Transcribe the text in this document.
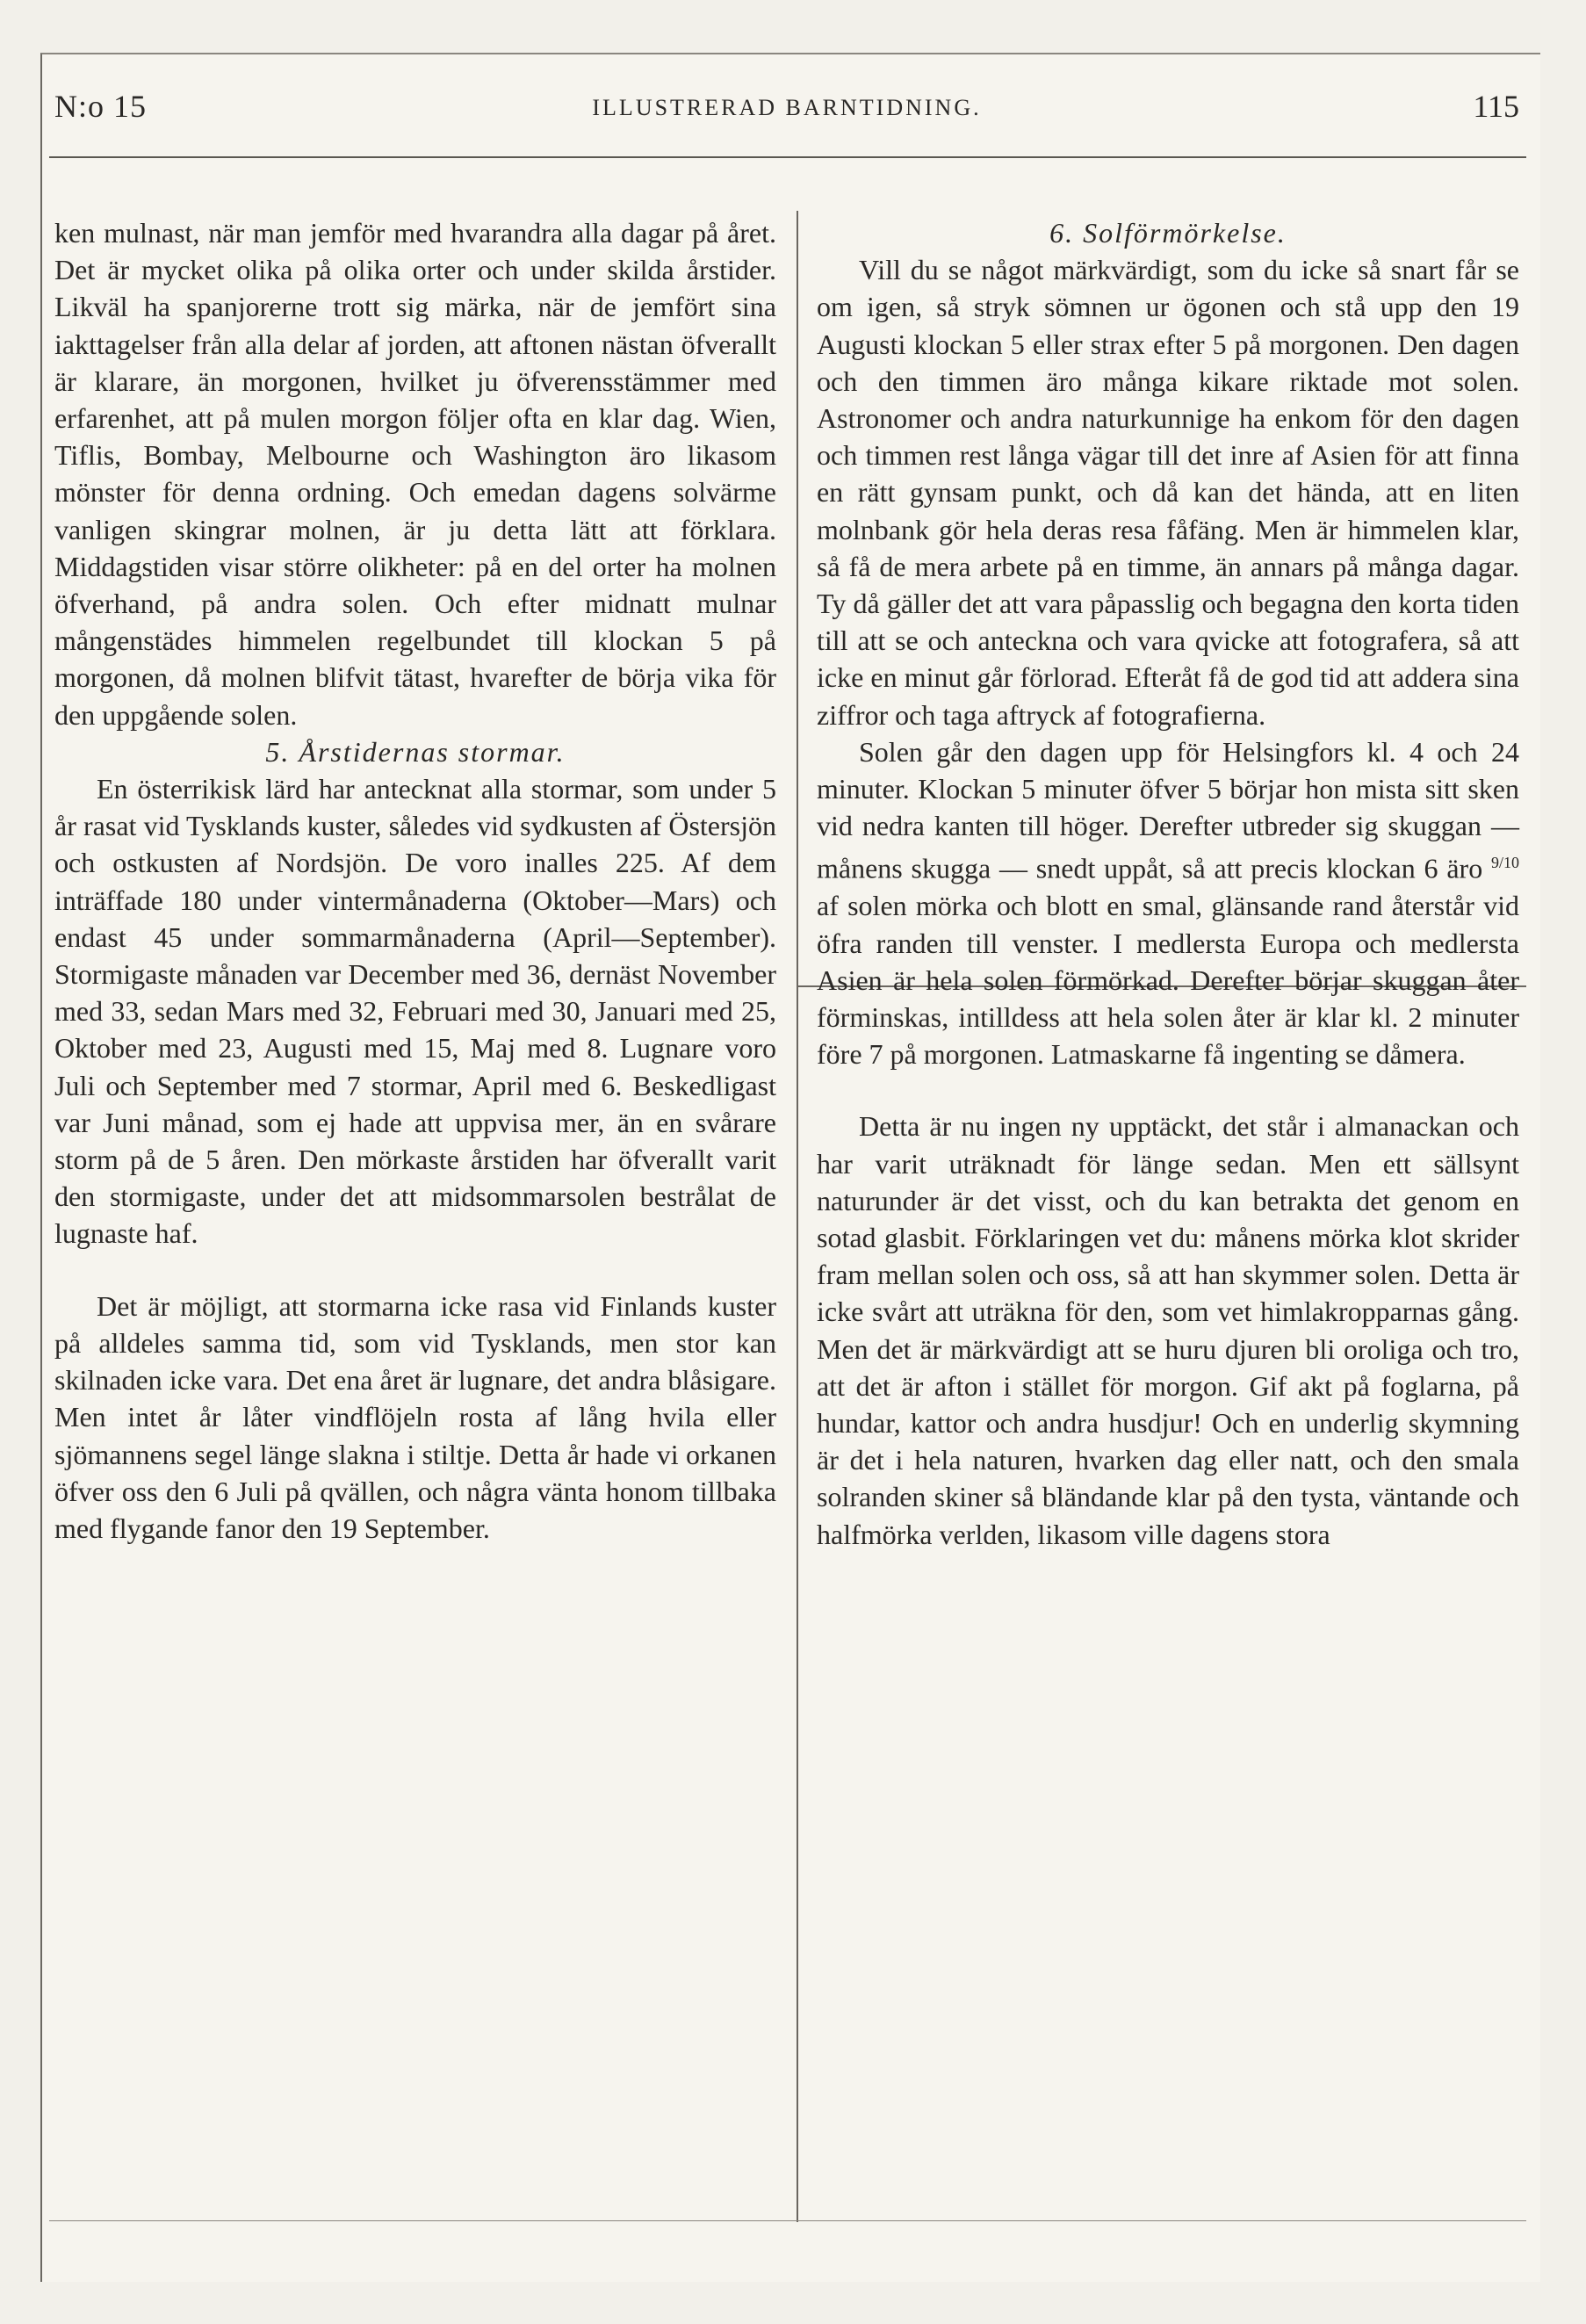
N:o 15	ILLUSTRERAD BARNTIDNING.	115

ken mulnast, när man jemför med hvarandra alla dagar på året. Det är mycket olika på olika orter och under skilda årstider. Likväl ha spanjorerne trott sig märka, när de jemfört sina iakttagelser från alla delar af jorden, att aftonen nästan öfverallt är klarare, än morgonen, hvilket ju öfverensstämmer med erfarenhet, att på mulen morgon följer ofta en klar dag. Wien, Tiflis, Bombay, Melbourne och Washington äro likasom mönster för denna ordning. Och emedan dagens solvärme vanligen skingrar molnen, är ju detta lätt att förklara. Middagstiden visar större olikheter: på en del orter ha molnen öfverhand, på andra solen. Och efter midnatt mulnar mångenstädes himmelen regelbundet till klockan 5 på morgonen, då molnen blifvit tätast, hvarefter de börja vika för den uppgående solen.

5. Årstidernas stormar.

En österrikisk lärd har antecknat alla stormar, som under 5 år rasat vid Tysklands kuster, således vid sydkusten af Östersjön och ostkusten af Nordsjön. De voro inalles 225. Af dem inträffade 180 under vintermånaderna (Oktober—Mars) och endast 45 under sommarmånaderna (April—September). Stormigaste månaden var December med 36, dernäst November med 33, sedan Mars med 32, Februari med 30, Januari med 25, Oktober med 23, Augusti med 15, Maj med 8. Lugnare voro Juli och September med 7 stormar, April med 6. Beskedligast var Juni månad, som ej hade att uppvisa mer, än en svårare storm på de 5 åren. Den mörkaste årstiden har öfverallt varit den stormigaste, under det att midsommarsolen bestrålat de lugnaste haf.

Det är möjligt, att stormarna icke rasa vid Finlands kuster på alldeles samma tid, som vid Tysklands, men stor kan skilnaden icke vara. Det ena året är lugnare, det andra blåsigare. Men intet år låter vindflöjeln rosta af lång hvila eller sjömannens segel länge slakna i stiltje. Detta år hade vi orkanen öfver oss den 6 Juli på qvällen, och några vänta honom tillbaka med flygande fanor den 19 September.

6. Solförmörkelse.

Vill du se något märkvärdigt, som du icke så snart får se om igen, så stryk sömnen ur ögonen och stå upp den 19 Augusti klockan 5 eller strax efter 5 på morgonen. Den dagen och den timmen äro många kikare riktade mot solen. Astronomer och andra naturkunnige ha enkom för den dagen och timmen rest långa vägar till det inre af Asien för att finna en rätt gynsam punkt, och då kan det hända, att en liten molnbank gör hela deras resa fåfäng. Men är himmelen klar, så få de mera arbete på en timme, än annars på många dagar. Ty då gäller det att vara påpasslig och begagna den korta tiden till att se och anteckna och vara qvicke att fotografera, så att icke en minut går förlorad. Efteråt få de god tid att addera sina ziffror och taga aftryck af fotografierna.

Solen går den dagen upp för Helsingfors kl. 4 och 24 minuter. Klockan 5 minuter öfver 5 börjar hon mista sitt sken vid nedra kanten till höger. Derefter utbreder sig skuggan — månens skugga — snedt uppåt, så att precis klockan 6 äro $^{9/10}$ af solen mörka och blott en smal, glänsande rand återstår vid öfra randen till venster. I medlersta Europa och medlersta Asien är hela solen förmörkad. Derefter börjar skuggan åter förminskas, intilldess att hela solen åter är klar kl. 2 minuter före 7 på morgonen. Latmaskarne få ingenting se dåmera.

Detta är nu ingen ny upptäckt, det står i almanackan och har varit uträknadt för länge sedan. Men ett sällsynt naturunder är det visst, och du kan betrakta det genom en sotad glasbit. Förklaringen vet du: månens mörka klot skrider fram mellan solen och oss, så att han skymmer solen. Detta är icke svårt att uträkna för den, som vet himlakropparnas gång. Men det är märkvärdigt att se huru djuren bli oroliga och tro, att det är afton i stället för morgon. Gif akt på foglarna, på hundar, kattor och andra husdjur! Och en underlig skymning är det i hela naturen, hvarken dag eller natt, och den smala solranden skiner så bländande klar på den tysta, väntande och halfmörka verlden, likasom ville dagens stora
